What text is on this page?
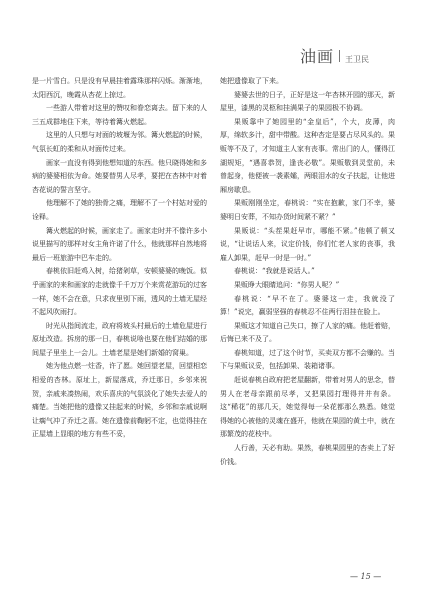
油画 王卫民

是一片雪白。只是没有早晨挂着露珠那样闪烁。渐渐地，太阳西沉，晚霞从杏花上掠过。

一些游人带着对这里的赞叹和眷恋离去。留下来的人三五成群地住下来，等待着篝火燃起。

这里的人只想与对面的坡堰为邻。篝火燃起的时候，气氛长虹的柔和从对面传过来。

画家一直没有得到他想知道的东西。他只晓得她和多病的婆婆相依为命。她要替男人尽孝，要把在杏林中对着杏花说的誓言坚守。

他理解不了她的独骨之痛，理解不了一个村姑对爱的诠释。

篝火燃起的时候，画家走了。画家走时并不像许多小说里描写的那样对女主角许诺了什么，他就那样自然地将最后一班旅游中巴车走的。

春桃依旧赶鸡入树，给猪剁草，安顿婆婆的晚饭。似乎画家的来和画家的走就像千千万万个来赏花游玩的过客一样，她不会在意，只求夜里别下雨，透风的土墙无屋经不起风吹雨打。

时光从指间流走，政府将坡头村最后的土墙危屋进行原址改造。拆房的那一日，春桃说啥也要在他们结婚的那间屋子里坐上一会儿。土墙老屋是她们新婚的窝巢。

她为他点燃一炷香，许了愿。她回望老屋，回望相恋相爱的杏林。原址上，新屋落成，乔迁那日，乡邻来祝贺，亲戚来凑热闹，欢乐喜庆的气氛淡化了她失去爱人的痛楚。当她把他的遗像又挂起来的时候，乡邻和亲戚说啊让瘸气冲了乔迁之喜。她在遗像前鞠躬不定，也觉得挂在正屋墙上显眼的地方有些不妥，

她把遗像取了下来。

婆婆去世的日子，正好是这一年杏林开园的那天，新屋里，漆黑的灵柩和挂满果子的果园极不协调。

果贩靠中了她园里的“金皇后”，个大，皮薄，肉厚，绵软多汁，甜中带酸。这种杏定是要占尽风头的。果贩等不及了，才知道主人家有丧事。常出门的人，懂得江湖规矩，“遇喜恭贺，逢丧必敬”。果贩敬到灵堂前，未曾起身，他便被一袭素孀，两眼泪水的女子扶起，让他进厢房歇息。

果贩刚刚坐定，春桃说：“实在抱歉，家门不幸，婆婆明日安葬，不知办货时间紧不紧？”

果贩说：“头茬果赶早市，哪能不紧。”他顿了顿又说，“让说话人来，议定价钱，你们忙老人家的丧事，我雇人卸果，赶早一时是一时。”

春桃说：“我就是说话人。”

果贩睁大眼睛追问：“你男人呢？”

春桃说：“早不在了。婆婆这一走，我就没了算！”说完，羸弱坚强的春桃忍不住两行泪挂在脸上。

果贩这才知道自己失口，擦了人家的痛。他赶着赔，后悔已来不及了。

春桃知道，过了这个时节，买卖双方都不会赚的。当下与果贩议妥，包括卸果、装箱诸事。

赶说春桃自政府把老屋翻新，带着对男人的思念，替男人在老母亲跟前尽孝，又把果园打理得井井有条。这“稀花”的那几天，她觉得每一朵花都那么熟悉。她觉得她的心被他的灵魂在盛开，他就在果园的黄土中，就在那繁茂的花枝中。

人行善，天必有助。果然，春桃果园里的杏卖上了好价钱。

— 15 —
